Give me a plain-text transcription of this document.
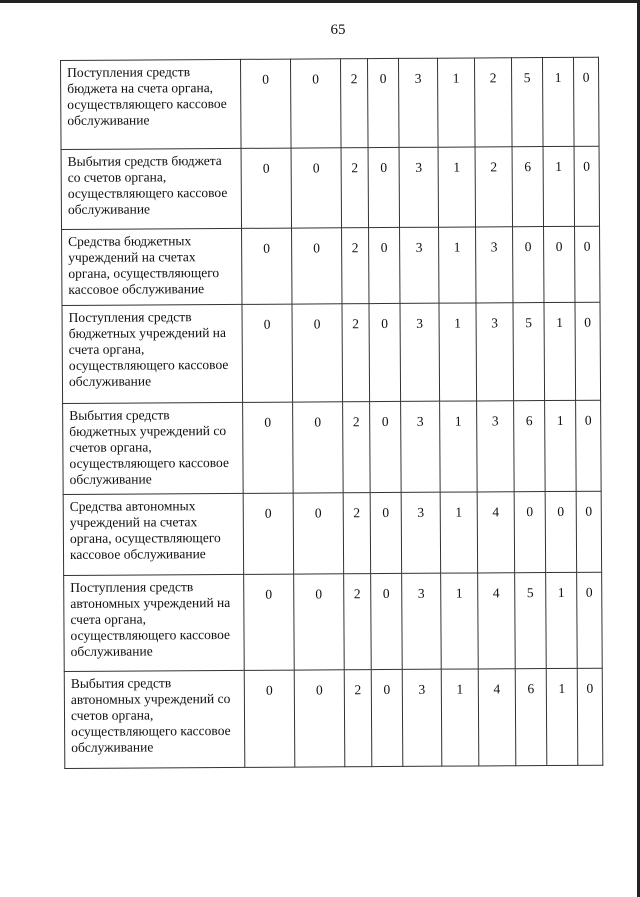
65
Поступления средств бюджета на счета органа, осуществляющего кассовое обслуживание	0	0	2	0	3	1	2	5	1	0
Выбытия средств бюджета со счетов органа, осуществляющего кассовое обслуживание	0	0	2	0	3	1	2	6	1	0
Средства бюджетных учреждений на счетах органа, осуществляющего кассовое обслуживание	0	0	2	0	3	1	3	0	0	0
Поступления средств бюджетных учреждений на счета органа, осуществляющего кассовое обслуживание	0	0	2	0	3	1	3	5	1	0
Выбытия средств бюджетных учреждений со счетов органа, осуществляющего кассовое обслуживание	0	0	2	0	3	1	3	6	1	0
Средства автономных учреждений на счетах органа, осуществляющего кассовое обслуживание	0	0	2	0	3	1	4	0	0	0
Поступления средств автономных учреждений на счета органа, осуществляющего кассовое обслуживание	0	0	2	0	3	1	4	5	1	0
Выбытия средств автономных учреждений со счетов органа, осуществляющего кассовое обслуживание	0	0	2	0	3	1	4	6	1	0
